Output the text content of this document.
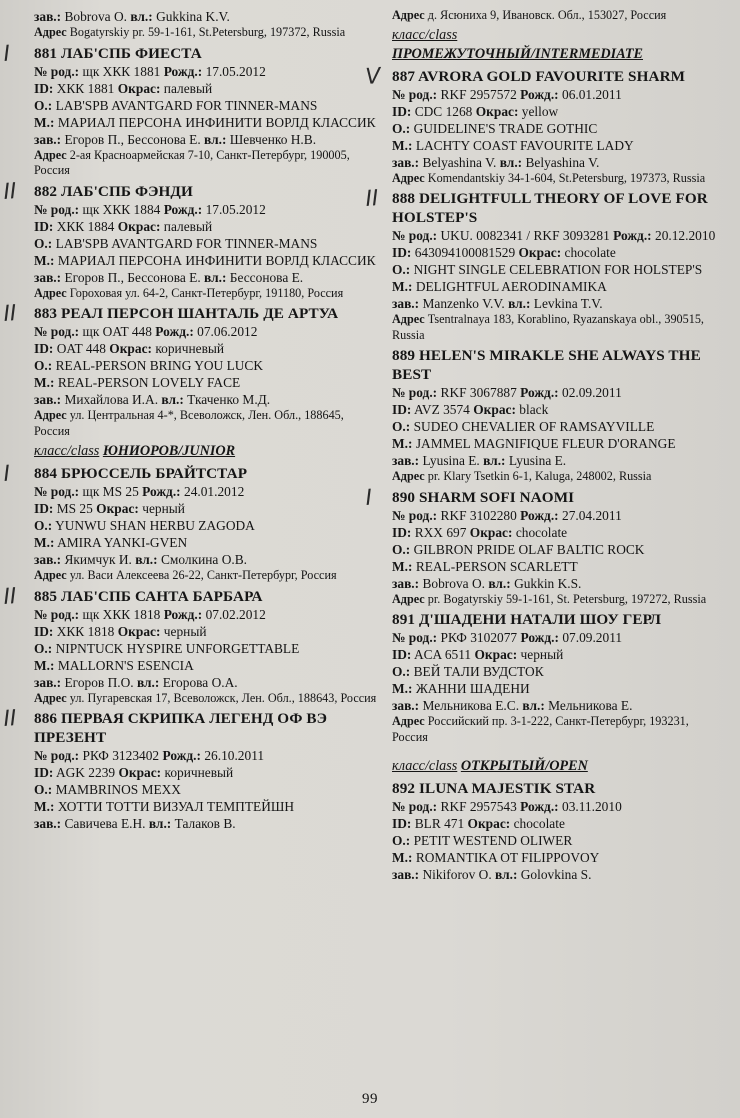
зав.: Bobrova O. вл.: Gukkina K.V.
Адрес Bogatyrskiy pr. 59-1-161, St.Petersburg, 197372, Russia
I	881 ЛАБ'СПБ ФИЕСТА
№ род.: щк ХКК 1881 Рожд.: 17.05.2012
ID: ХКК 1881 Окрас: палевый
O.: LAB'SPB AVANTGARD FOR TINNER-MANS
M.: МАРИАЛ ПЕРСОНА ИНФИНИТИ ВОРЛД КЛАССИК
зав.: Егоров П., Бессонова Е. вл.: Шевченко Н.В.
Адрес 2-ая Красноармейская 7-10, Санкт-Петербург, 190005, Россия
II	882 ЛАБ'СПБ ФЭНДИ
№ род.: щк ХКК 1884 Рожд.: 17.05.2012
ID: ХКК 1884 Окрас: палевый
O.: LAB'SPB AVANTGARD FOR TINNER-MANS
M.: МАРИАЛ ПЕРСОНА ИНФИНИТИ ВОРЛД КЛАССИК
зав.: Егоров П., Бессонова Е. вл.: Бессонова Е.
Адрес Гороховая ул. 64-2, Санкт-Петербург, 191180, Россия
II	883 РЕАЛ ПЕРСОН ШАНТАЛЬ ДЕ АРТУА
№ род.: щк OAT 448 Рожд.: 07.06.2012
ID: OAT 448 Окрас: коричневый
O.: REAL-PERSON BRING YOU LUCK
M.: REAL-PERSON LOVELY FACE
зав.: Михайлова И.А. вл.: Ткаченко М.Д.
Адрес ул. Центральная 4-*, Всеволожск, Лен. Обл., 188645, Россия
класс/class ЮНИОРОВ/JUNIOR
I	884 БРЮССЕЛЬ БРАЙТСТАР
№ род.: щк MS 25 Рожд.: 24.01.2012
ID: MS 25 Окрас: черный
O.: YUNWU SHAN HERBU ZAGODA
M.: AMIRA YANKI-GVEN
зав.: Якимчук И. вл.: Смолкина О.В.
Адрес ул. Васи Алексеева 26-22, Санкт-Петербург, Россия
II	885 ЛАБ'СПБ САНТА БАРБАРА
№ род.: щк ХКК 1818 Рожд.: 07.02.2012
ID: ХКК 1818 Окрас: черный
O.: NIPNTUCK HYSPIRE UNFORGETTABLE
M.: MALLORN'S ESENCIA
зав.: Егоров П.О. вл.: Егорова О.А.
Адрес ул. Пугаревская 17, Всеволожск, Лен. Обл., 188643, Россия
II	886 ПЕРВАЯ СКРИПКА ЛЕГЕНД ОФ ВЭ ПРЕЗЕНТ
№ род.: РКФ 3123402 Рожд.: 26.10.2011
ID: AGK 2239 Окрас: коричневый
O.: MAMBRINOS MEXX
M.: ХОТТИ ТОТТИ ВИЗУАЛ ТЕМПТЕЙШН
зав.: Савичева Е.Н. вл.: Талаков В.
Адрес д. Ясюниха 9, Ивановск. Обл., 153027, Россия
класс/class
ПРОМЕЖУТОЧНЫЙ/INTERMEDIATE
V 887 AVRORA GOLD FAVOURITE SHARM
№ род.: RKF 2957572 Рожд.: 06.01.2011
ID: CDC 1268 Окрас: yellow
O.: GUIDELINE'S TRADE GOTHIC
M.: LACHTY COAST FAVOURITE LADY
зав.: Belyashina V. вл.: Belyashina V.
Адрес Komendantskiy 34-1-604, St.Petersburg, 197373, Russia
II 888 DELIGHTFULL THEORY OF LOVE FOR HOLSTEP'S
№ род.: UKU. 0082341 / RKF 3093281 Рожд.: 20.12.2010
ID: 643094100081529 Окрас: chocolate
O.: NIGHT SINGLE CELEBRATION FOR HOLSTEP'S
M.: DELIGHTFUL AERODINAMIKA
зав.: Manzenko V.V. вл.: Levkina T.V.
Адрес Tsentralnaya 183, Korablino, Ryazanskaya obl., 390515, Russia
889 HELEN'S MIRAKLE SHE ALWAYS THE BEST
№ род.: RKF 3067887 Рожд.: 02.09.2011
ID: AVZ 3574 Окрас: black
O.: SUDEO CHEVALIER OF RAMSAYVILLE
M.: JAMMEL MAGNIFIQUE FLEUR D'ORANGE
зав.: Lyusina E. вл.: Lyusina E.
Адрес pr. Klary Tsetkin 6-1, Kaluga, 248002, Russia
I	890 SHARM SOFI NAOMI
№ род.: RKF 3102280 Рожд.: 27.04.2011
ID: RXX 697 Окрас: chocolate
O.: GILBRON PRIDE OLAF BALTIC ROCK
M.: REAL-PERSON SCARLETT
зав.: Bobrova O. вл.: Gukkin K.S.
Адрес pr. Bogatyrskiy 59-1-161, St. Petersburg, 197272, Russia
891 Д'ШАДЕНИ НАТАЛИ ШОУ ГЕРЛ
№ род.: РКФ 3102077 Рожд.: 07.09.2011
ID: ACA 6511 Окрас: черный
O.: ВЕЙ ТАЛИ ВУДСТОК
M.: ЖАННИ ШАДЕНИ
зав.: Мельникова Е.С. вл.: Мельникова Е.
Адрес Российский пр. 3-1-222, Санкт-Петербург, 193231, Россия
класс/class ОТКРЫТЫЙ/OPEN
892 ILUNA MAJESTIK STAR
№ род.: RKF 2957543 Рожд.: 03.11.2010
ID: BLR 471 Окрас: chocolate
O.: PETIT WESTEND OLIWER
M.: ROMANTIKA OT FILIPPOVOY
зав.: Nikiforov O. вл.: Golovkina S.
99
